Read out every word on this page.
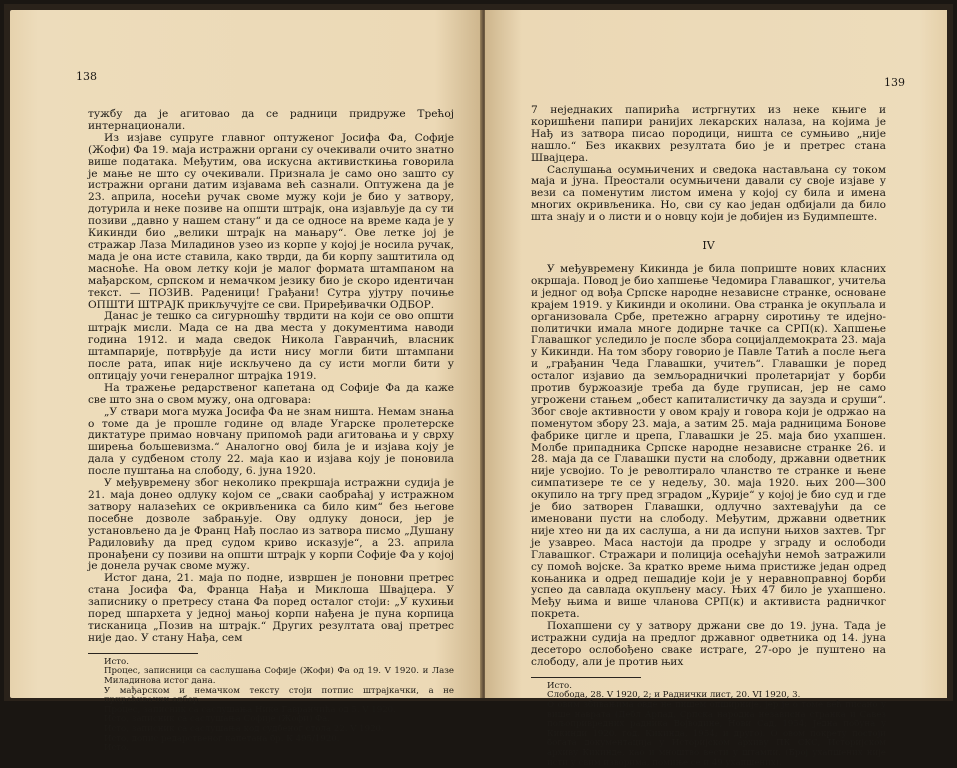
138

тужбу да је агитовао да се радници придруже Трећој интернационали.

Из изјаве супруге главног оптуженог Јосифа Фа, Софије (Жофи) Фа 19. маја истражни органи су очекивали очито знатно више података. Међутим, ова искусна активисткиња говорила је мање не што су очекивали. Признала је само оно зашто су истражни органи датим изјавама већ сазнали. Оптужена да је 23. априла, носећи ручак своме мужу који је био у затвору, дотурила и неке позиве на општи штрајк, она изјављује да су ти позиви „давно у нашем стану“ и да се односе на време када је у Кикинди био „велики штрајк на мањару“. Ове летке јој је стражар Лаза Миладинов узео из корпе у којој је носила ручак, мада је она исте ставила, како тврди, да би корпу заштитила од масноће. На овом летку који је малог формата штампаном на мађарском, српском и немачком језику био је скоро идентичан текст. — ПОЗИВ. Раденици! Грађани! Сутра ујутру почиње ОПШТИ ШТРАЈК прикључујте се сви. Приређивачки ОДБОР.

Данас је тешко са сигурношћу тврдити на који се ово општи штрајк мисли. Мада се на два места у документима наводи година 1912. и мада сведок Никола Гавранчић, власник штампарије, потврђује да исти нису могли бити штампани после рата, ипак није искључено да су исти могли бити у оптицају уочи генералног штрајка 1919.

На тражење редарственог капетана од Софије Фа да каже све што зна о свом мужу, она одговара:

„У ствари мога мужа Јосифа Фа не знам ништа. Немам знања о томе да је прошле године од владе Угарске пролетерске диктатуре примао новчану припомоћ ради агитовања и у сврху ширења бољшевизма.“ Аналогно овој била је и изјава коју је дала у судбеном столу 22. маја као и изјава коју је поновила после пуштања на слободу, 6. јуна 1920.

У међувремену због неколико прекршаја истражни судија је 21. маја донео одлуку којом се „сваки саобраћај у истражном затвору налазећих се окривљеника са било ким“ без његове посебне дозволе забрањује. Ову одлуку доноси, јер је установљено да је Франц Нађ послао из затвора писмо „Душану Радиловићу да пред судом криво исказује“, а 23. априла пронађени су позиви на општи штрајк у корпи Софије Фа у којој је донела ручак своме мужу.

Истог дана, 21. маја по подне, извршен је поновни претрес стана Јосифа Фа, Франца Нађа и Миклоша Швајцера. У записнику о претресу стана Фа поред осталог стоји: „У кухињи поред шпархета у једној мањој корпи нађена је пуна корпица тисканица „Позив на штрајк.“ Других резултата овај претрес није дао. У стану Нађа, сем

Исто.
Процес, записници са саслушања Софије (Жофи) Фа од 19. V 1920. и Лазе Миладинова истог дана.
У мађарском и немачком тексту стоји потпис штрајкачки, а не приређивачки одбор.
Процес, записник са саслушања Нике Гавранчића од 5. V 1920.
Исто, записник са саслушања Софије (Жофи) Фа.
Исто, записник са саслушања код судбеног стола 22. V 1920.
Исто, допис редарственог капетана бр. К 495/1920.
Исто.
139

7 неједнаких папирића истргнутих из неке књиге и коришћени папири ранијих лекарских налаза, на којима је Нађ из затвора писао породици, ништа се сумњиво „није нашло.“ Без икаквих резултата био је и претрес стана Швајцера.

Саслушања осумњичених и сведока настављана су током маја и јуна. Преостали осумњичени давали су своје изјаве у вези са поменутим листом имена у којој су била и имена многих окривљеника. Но, сви су као један одбијали да било шта знају и о листи и о новцу који је добијен из Будимпеште.

IV

У међувремену Кикинда је била поприште нових класних окршаја. Повод је био хапшење Чедомира Главашког, учитеља и једног од вођа Српске народне независне странке, основане крајем 1919. у Кикинди и околини. Ова странка је окупљала и организовала Србе, претежно аграрну сиротињу те идејно-политички имала многе додирне тачке са СРП(к). Хапшење Главашког уследило је после збора социјалдемократа 23. маја у Кикинди. На том збору говорио је Павле Татић а после њега и „грађанин Чеда Главашки, учитељ“. Главашки је поред осталог изјавио да земљорадничкиi пролетаријат у борби против буржоазије треба да буде груписан, јер не само угрожени стањем „обест капиталистичку да заузда и сруши“. Због своје активности у овом крају и говора који је одржао на поменутом збору 23. маја, а затим 25. маја радницима Бонове фабрике цигле и црепа, Главашки је 25. маја био ухапшен. Молбе припадника Српске народне независне странке 26. и 28. маја да се Главашки пусти на слободу, државни одветник није усвојио. То је револтирало чланство те странке и њене симпатизере те се у недељу, 30. маја 1920. њих 200—300 окупило на тргу пред зградом „Курије“ у којој је био суд и где је био затворен Главашки, одлучно захтевајући да се именовани пусти на слободу. Међутим, државни одветник није хтео ни да их саслуша, а ни да испуни њихов захтев. Трг је узаврео. Маса настоји да продре у зграду и ослободи Главашког. Стражари и полиција осећајући немоћ затражили су помоћ војске. За кратко време њима пристиже један одред коњаника и одред пешадије који је у неравноправној борби успео да савлада окупљену масу. Њих 47 било је ухапшено. Међу њима и више чланова СРП(к) и активиста радничког покрета.

Похапшени су у затвору држани све до 19. јуна. Тада је истражни судија на предлог државног одветника од 14. јуна десеторо ослобођено сваке истраге, 27-оро је пуштено на слободу, али је против њих

Исто.
Слобода, 28. V 1920, 2; и Раднички лист, 20. VI 1920, 3.
О овим збивањима овде не пишем опширније, јер је о томе већ писано у више наврата (Дебл Арпад, Српска народна независна странка и Савез пољопривредних радника Војводине, Нови Сад, 1954; Једна побуна у Кикинди 1920. год. Кикинда, 1954; и друго). О овом покрету постоји богата документација у Историјском архиву ПК СКС, Историјском архиву Кикинде, као и мноштво вести у штампи. (Број ухапшених није исти у свим изворима, помиње се и 49 ухапшених).
